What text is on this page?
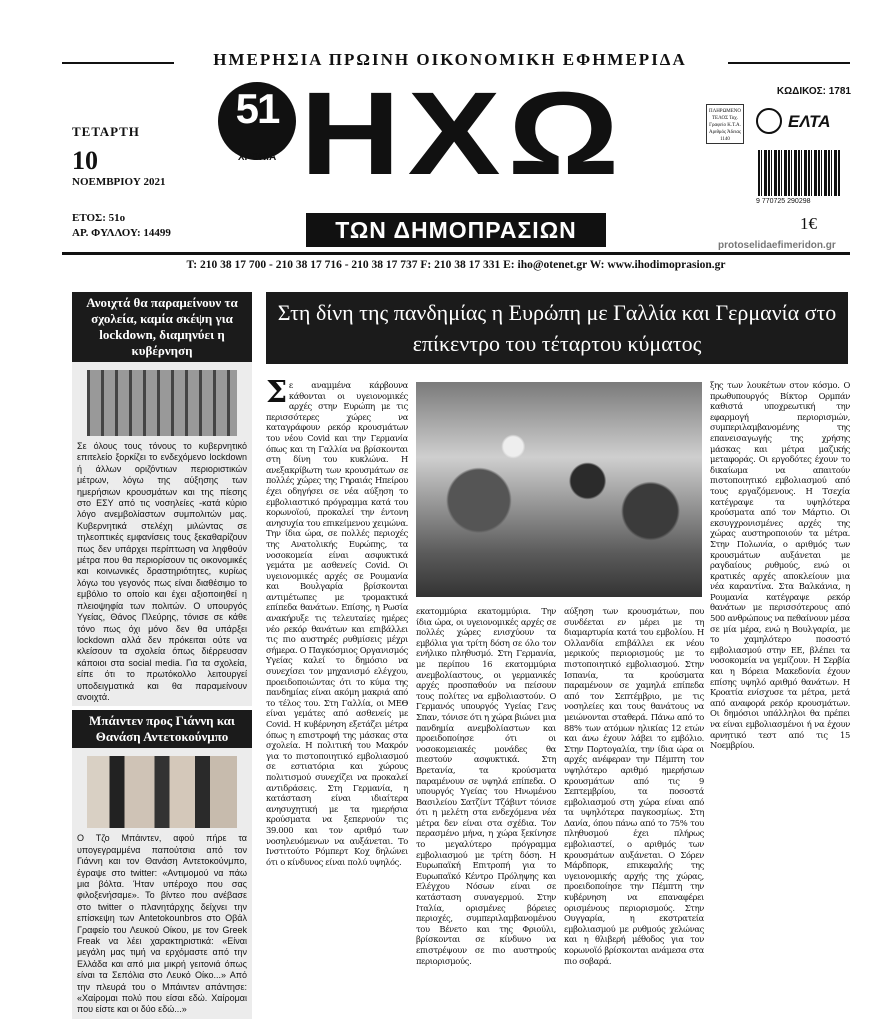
ΗΜΕΡΗΣΙΑ ΠΡΩΙΝΗ ΟΙΚΟΝΟΜΙΚΗ ΕΦΗΜΕΡΙΔΑ
ΤΕΤΑΡΤΗ
10
ΝΟΕΜΒΡΙΟΥ 2021
ΕΤΟΣ: 51ο
ΑΡ. ΦΥΛΛΟΥ: 14499
51
ΧΡΟΝΙΑ ΗΧΩ
ΤΩΝ ΔΗΜΟΠΡΑΣΙΩΝ
ΚΩΔΙΚΟΣ: 1781
ΠΛΗΡΩΜΕΝΟ ΤΕΛΟΣ Ταχ. Γραφείο Κ.Τ.Α. Αριθμός Άδειας 1140
ΕΛΤΑ
9 770725 290298
1€
protoselidaefimeridon.gr
T: 210 38 17 700 - 210 38 17 716 - 210 38 17 737 F: 210 38 17 331 E: iho@otenet.gr W: www.ihodimoprasion.gr
Ανοιχτά θα παραμείνουν τα σχολεία, καμία σκέψη για lockdown, διαμηνύει η κυβέρνηση
Σε όλους τους τόνους το κυβερνητικό επιτελείο ξορκίζει το ενδεχόμενο lockdown ή άλλων οριζόντιων περιοριστικών μέτρων, λόγω της αύξησης των ημερήσιων κρουσμάτων και της πίεσης στο ΕΣΥ από τις νοσηλείες -κατά κύριο λόγο ανεμβολίαστων συμπολιτών μας. Κυβερνητικά στελέχη μιλώντας σε τηλεοπτικές εμφανίσεις τους ξεκαθαρίζουν πως δεν υπάρχει περίπτωση να ληφθούν μέτρα που θα περιορίσουν τις οικονομικές και κοινωνικές δραστηριότητες, κυρίως λόγω του γεγονός πως είναι διαθέσιμο το εμβόλιο το οποίο και έχει αξιοποιηθεί η πλειοψηφία των πολιτών. Ο υπουργός Υγείας, Θάνος Πλεύρης, τόνισε σε κάθε τόνο πως όχι μόνο δεν θα υπάρξει lockdown αλλά δεν πρόκειται ούτε να κλείσουν τα σχολεία όπως διέρρευσαν κάποιοι στα social media. Για τα σχολεία, είπε ότι το πρωτόκολλο λειτουργεί υποδειγματικά και θα παραμείνουν ανοιχτά.
Μπάιντεν προς Γιάννη και Θανάση Αντετοκούνμπο
Ο Τζο Μπάιντεν, αφού πήρε τα υπογεγραμμένα παπούτσια από τον Γιάννη και τον Θανάση Αντετοκούνμπο, έγραψε στο twitter: «Αντιμομού να πάω μια βόλτα. Ήταν υπέροχο που σας φιλοξενήσαμε». Το βίντεο που ανέβασε στο twitter ο πλανητάρχης δείχνει την επίσκεψη των Antetokounbros στο Οβάλ Γραφείο του Λευκού Οίκου, με τον Greek Freak να λέει χαρακτηριστικά: «Είναι μεγάλη μας τιμή να ερχόμαστε από την Ελλάδα και από μια μικρή γειτονιά όπως είναι τα Σεπόλια στο Λευκό Οίκο...» Από την πλευρά του ο Μπάιντεν απάντησε: «Χαίρομαι πολύ που είσαι εδώ. Χαίρομαι που είστε και οι δύο εδώ...»
Στη δίνη της πανδημίας η Ευρώπη με Γαλλία και Γερμανία στο επίκεντρο του τέταρτου κύματος
Σ ε αναμμένα κάρβουνα κάθονται οι υγειονομικές αρχές στην Ευρώπη με τις περισσότερες χώρες να καταγράφουν ρεκόρ κρουσμάτων του νέου Covid και την Γερμανία όπως και τη Γαλλία να βρίσκονται στη δίνη του κυκλώνα. Η ανεξακρίβωτη των κρουσμάτων σε πολλές χώρες της Γηραιάς Ηπείρου έχει οδηγήσει σε νέα αύξηση το εμβολιαστικό πρόγραμμα κατά του κορωνοϊού, προκαλεί την έντονη ανησυχία του επικείμενου χειμώνα. Την ίδια ώρα, σε πολλές περιοχές της Ανατολικής Ευρώπης, τα νοσοκομεία είναι ασφυκτικά γεμάτα με ασθενείς Covid. Οι υγειονομικές αρχές σε Ρουμανία και Βουλγαρία βρίσκονται αντιμέτωπες με τρομακτικά επίπεδα θανάτων. Επίσης, η Ρωσία ανακήρυξε τις τελευταίες ημέρες νέο ρεκόρ θανάτων και επιβάλλει τις πιο αυστηρές ρυθμίσεις μέχρι σήμερα. Ο Παγκόσμιος Οργανισμός Υγείας καλεί το δημόσιο να συνεχίσει τον μηχανισμό ελέγχου, προειδοποιώντας ότι το κύμα της πανδημίας είναι ακόμη μακριά από το τέλος του. Στη Γαλλία, οι ΜΕΘ είναι γεμάτες από ασθενείς με Covid. Η κυβέρνηση εξετάζει μέτρα όπως η επιστροφή της μάσκας στα σχολεία. Η πολιτική του Μακρόν για το πιστοποιητικό εμβολιασμού σε εστιατόρια και χώρους πολιτισμού συνεχίζει να προκαλεί αντιδράσεις. Στη Γερμανία, η κατάσταση είναι ιδιαίτερα ανησυχητική με τα ημερήσια κρούσματα να ξεπερνούν τις 39.000 και τον αριθμό των νοσηλευόμενων να αυξάνεται. Το Ινστιτούτο Ρόμπερτ Κοχ δηλώνει ότι ο κίνδυνος είναι πολύ υψηλός.
εκατομμύρια εκατομμύρια. Την ίδια ώρα, οι υγειονομικές αρχές σε πολλές χώρες ενισχύουν τα εμβόλια για τρίτη δόση σε όλο τον ενήλικο πληθυσμό. Στη Γερμανία, με περίπου 16 εκατομμύρια ανεμβολίαστους, οι γερμανικές αρχές προσπαθούν να πείσουν τους πολίτες να εμβολιαστούν. Ο Γερμανός υπουργός Υγείας Γενς Σπαν, τόνισε ότι η χώρα βιώνει μια πανδημία ανεμβολίαστων και προειδοποίησε ότι οι νοσοκομειακές μονάδες θα πιεστούν ασφυκτικά. Στη Βρετανία, τα κρούσματα παραμένουν σε υψηλά επίπεδα. Ο υπουργός Υγείας του Ηνωμένου Βασιλείου Σατζίντ Τζάβιντ τόνισε ότι η μελέτη στα ενδεχόμενα νέα μέτρα δεν είναι στα σχέδια. Τον περασμένο μήνα, η χώρα ξεκίνησε το μεγαλύτερο πρόγραμμα εμβολιασμού με τρίτη δόση. Η Ευρωπαϊκή Επιτροπή για το Ευρωπαϊκό Κέντρο Πρόληψης και Ελέγχου Νόσων είναι σε κατάσταση συναγερμού. Στην Ιταλία, ορισμένες βόρειες περιοχές, συμπεριλαμβανομένου του Βένετο και της Φριούλι, βρίσκονται σε κίνδυνο να επιστρέψουν σε πιο αυστηρούς περιορισμούς.
αύξηση των κρουσμάτων, που συνδέεται εν μέρει με τη διαμαρτυρία κατά του εμβολίου. Η Ολλανδία επιβάλλει εκ νέου μερικούς περιορισμούς με το πιστοποιητικό εμβολιασμού. Στην Ισπανία, τα κρούσματα παραμένουν σε χαμηλά επίπεδα από τον Σεπτέμβριο, με τις νοσηλείες και τους θανάτους να μειώνονται σταθερά. Πάνω από το 88% των ατόμων ηλικίας 12 ετών και άνω έχουν λάβει το εμβόλιο. Στην Πορτογαλία, την ίδια ώρα οι αρχές ανέφεραν την Πέμπτη τον υψηλότερο αριθμό ημερήσιων κρουσμάτων από τις 9 Σεπτεμβρίου, τα ποσοστά εμβολιασμού στη χώρα είναι από τα υψηλότερα παγκοσμίως. Στη Δανία, όπου πάνω από το 75% του πληθυσμού έχει πλήρως εμβολιαστεί, ο αριθμός των κρουσμάτων αυξάνεται. Ο Σόρεν Μάρδπορκ, επικεφαλής της υγειονομικής αρχής της χώρας, προειδοποίησε την Πέμπτη την κυβέρνηση να επαναφέρει ορισμένους περιορισμούς. Στην Ουγγαρία, η εκστρατεία εμβολιασμού με ρυθμούς χελώνας και η θλιβερή μέθοδος για τον κορωνοϊό βρίσκονται ανάμεσα στα πιο σοβαρά.
ξης των λουκέτων στον κόσμο. Ο πρωθυπουργός Βίκτορ Ορμπάν καθιστά υποχρεωτική την εφαρμογή περιορισμών, συμπεριλαμβανομένης της επανεισαγωγής της χρήσης μάσκας και μέτρα μαζικής μεταφοράς. Οι εργοδότες έχουν το δικαίωμα να απαιτούν πιστοποιητικό εμβολιασμού από τους εργαζόμενους. Η Τσεχία κατέγραψε τα υψηλότερα κρούσματα από τον Μάρτιο. Οι εκσυγχρονισμένες αρχές της χώρας αυστηροποιούν τα μέτρα. Στην Πολωνία, ο αριθμός των κρουσμάτων αυξάνεται με ραγδαίους ρυθμούς, ενώ οι κρατικές αρχές αποκλείουν μια νέα καραντίνα. Στα Βαλκάνια, η Ρουμανία κατέγραψε ρεκόρ θανάτων με περισσότερους από 500 ανθρώπους να πεθαίνουν μέσα σε μία μέρα, ενώ η Βουλγαρία, με το χαμηλότερο ποσοστό εμβολιασμού στην ΕΕ, βλέπει τα νοσοκομεία να γεμίζουν. Η Σερβία και η Βόρεια Μακεδονία έχουν επίσης υψηλό αριθμό θανάτων. Η Κροατία ενίσχυσε τα μέτρα, μετά από αναφορά ρεκόρ κρουσμάτων. Οι δημόσιοι υπάλληλοι θα πρέπει να είναι εμβολιασμένοι ή να έχουν αρνητικό τεστ από τις 15 Νοεμβρίου.
